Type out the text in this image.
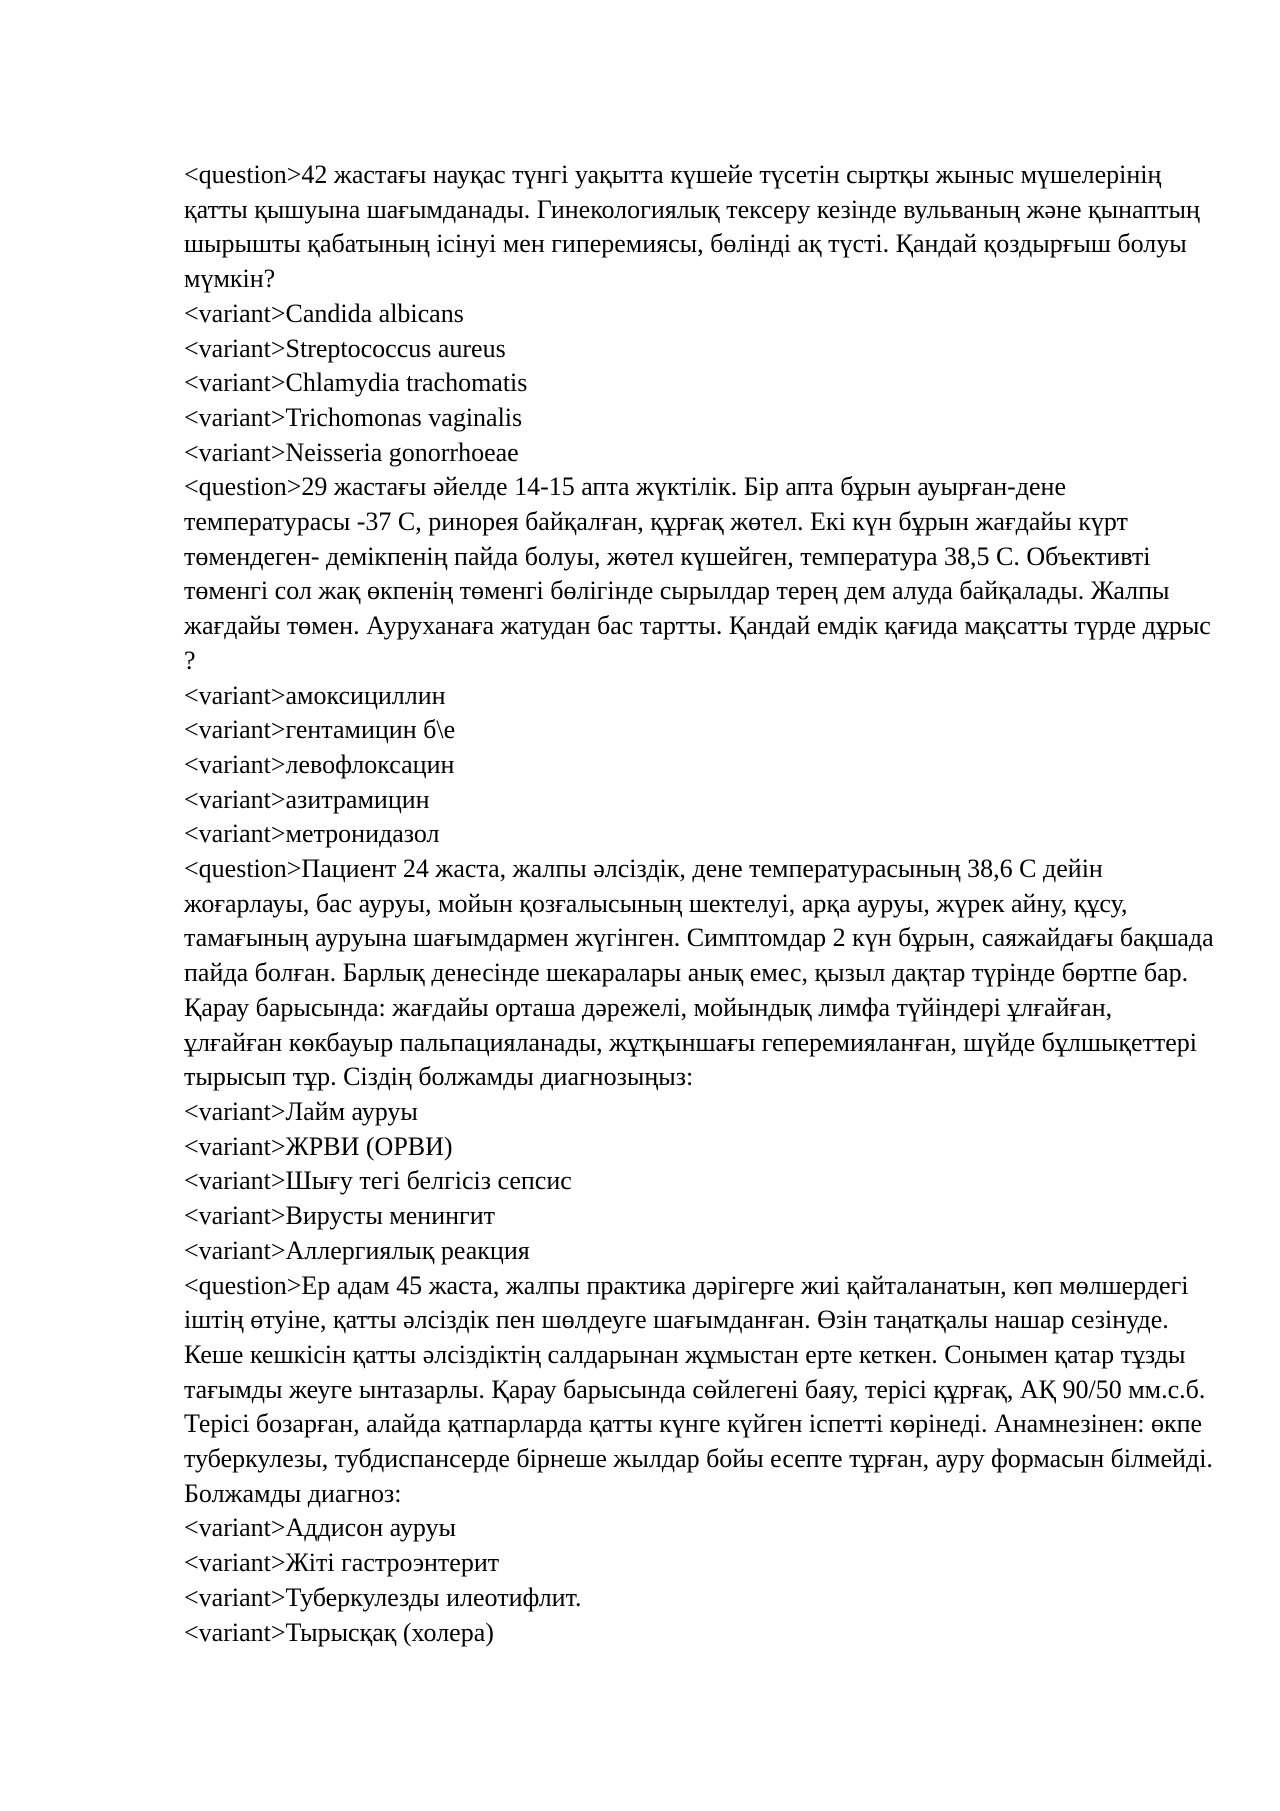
<question>42 жастағы науқас түнгі уақытта күшейе түсетін сыртқы жыныс мүшелерінің қатты қышуына шағымданады. Гинекологиялық тексеру кезінде вульваның және қынаптың шырышты қабатының ісінуі мен гиперемиясы, бөлінді ақ түсті. Қандай қоздырғыш болуы мүмкін?

<variant>Candida albicans

<variant>Streptococcus aureus

<variant>Chlamydia trachomatis

<variant>Trichomonas vaginalis

<variant>Neisseria gonorrhoeae

<question>29 жастағы әйелде 14-15 апта жүктілік. Бір апта бұрын ауырған-дене температурасы -37 С, ринорея байқалған, құрғақ жөтел. Екі күн бұрын жағдайы күрт төмендеген- демікпенің пайда болуы, жөтел күшейген, температура 38,5 С. Объективті төменгі сол жақ өкпенің төменгі бөлігінде сырылдар терең дем алуда байқалады. Жалпы жағдайы төмен. Ауруханаға жатудан бас тартты. Қандай емдік қағида мақсатты түрде дұрыс ?

<variant>амоксициллин

<variant>гентамицин б\е

<variant>левофлоксацин

<variant>азитрамицин

<variant>метронидазол

<question>Пациент 24 жаста, жалпы әлсіздік, дене температурасының 38,6 С дейін жоғарлауы, бас ауруы, мойын қозғалысының шектелуі, арқа ауруы, жүрек айну, құсу, тамағының ауруына шағымдармен жүгінген. Симптомдар 2 күн бұрын, саяжайдағы бақшада пайда болған. Барлық денесінде шекаралары анық емес, қызыл дақтар түрінде бөртпе бар. Қарау барысында: жағдайы орташа дәрежелі, мойындық лимфа түйіндері ұлғайған, ұлғайған көкбауыр пальпацияланады, жұтқыншағы гепеpемияланған, шүйде бұлшықеттері тырысып тұр. Сіздің болжамды диагнозыңыз:

<variant>Лайм ауруы

<variant>ЖРВИ (ОРВИ)

<variant>Шығу тегі белгісіз сепсис

<variant>Вирусты менингит

<variant>Аллергиялық реакция

<question>Ер адам 45 жаста, жалпы практика дәрігерге жиі қайталанатын, көп мөлшердегі іштің өтуіне, қатты әлсіздік пен шөлдеуге шағымданған. Өзін таңатқалы нашар сезінуде. Кеше кешкісін қатты әлсіздіктің салдарынан жұмыстан ерте кеткен. Сонымен қатар тұзды тағымды жеуге ынтазарлы. Қарау барысында сөйлегені баяу, терісі құрғақ, АҚ 90/50 мм.с.б. Терісі бозарған, алайда қатпарларда қатты күнге күйген іспетті көрінеді. Анамнезінен: өкпе туберкулезы, тубдиспансерде бірнеше жылдар бойы есепте тұрған, ауру формасын білмейді. Болжамды диагноз:

<variant>Аддисон ауруы

<variant>Жіті гастроэнтерит

<variant>Туберкулезды илеотифлит.

<variant>Тырысқақ (холера)
